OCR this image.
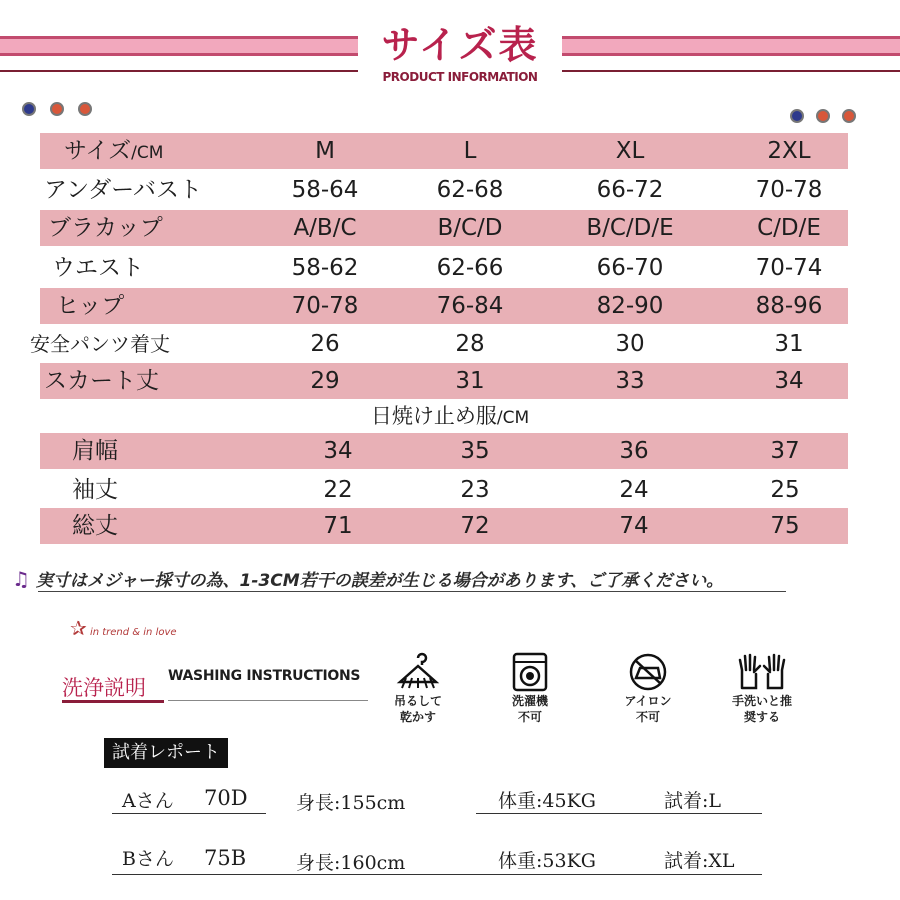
サイズ表
PRODUCT INFORMATION
サイズ/CM	M	L	XL	2XL
アンダーバスト	58-64	62-68	66-72	70-78
ブラカップ	A/B/C	B/C/D	B/C/D/E	C/D/E
ウエスト	58-62	62-66	66-70	70-74
ヒップ	70-78	76-84	82-90	88-96
安全パンツ着丈	26	28	30	31
スカート丈	29	31	33	34
日焼け止め服/CM
肩幅	34	35	36	37
袖丈	22	23	24	25
総丈	71	72	74	75
♫ 実寸はメジャー採寸の為、1-3CM若干の誤差が生じる場合があります、ご了承ください。
✰ in trend & in love
洗浄説明 WASHING INSTRUCTIONS
吊るして
乾かす
洗濯機
不可
アイロン
不可
手洗いと推
奨する
試着レポート
Aさん 70D	身長:155cm	体重:45KG	試着:L
Bさん 75B	身長:160cm	体重:53KG	試着:XL
